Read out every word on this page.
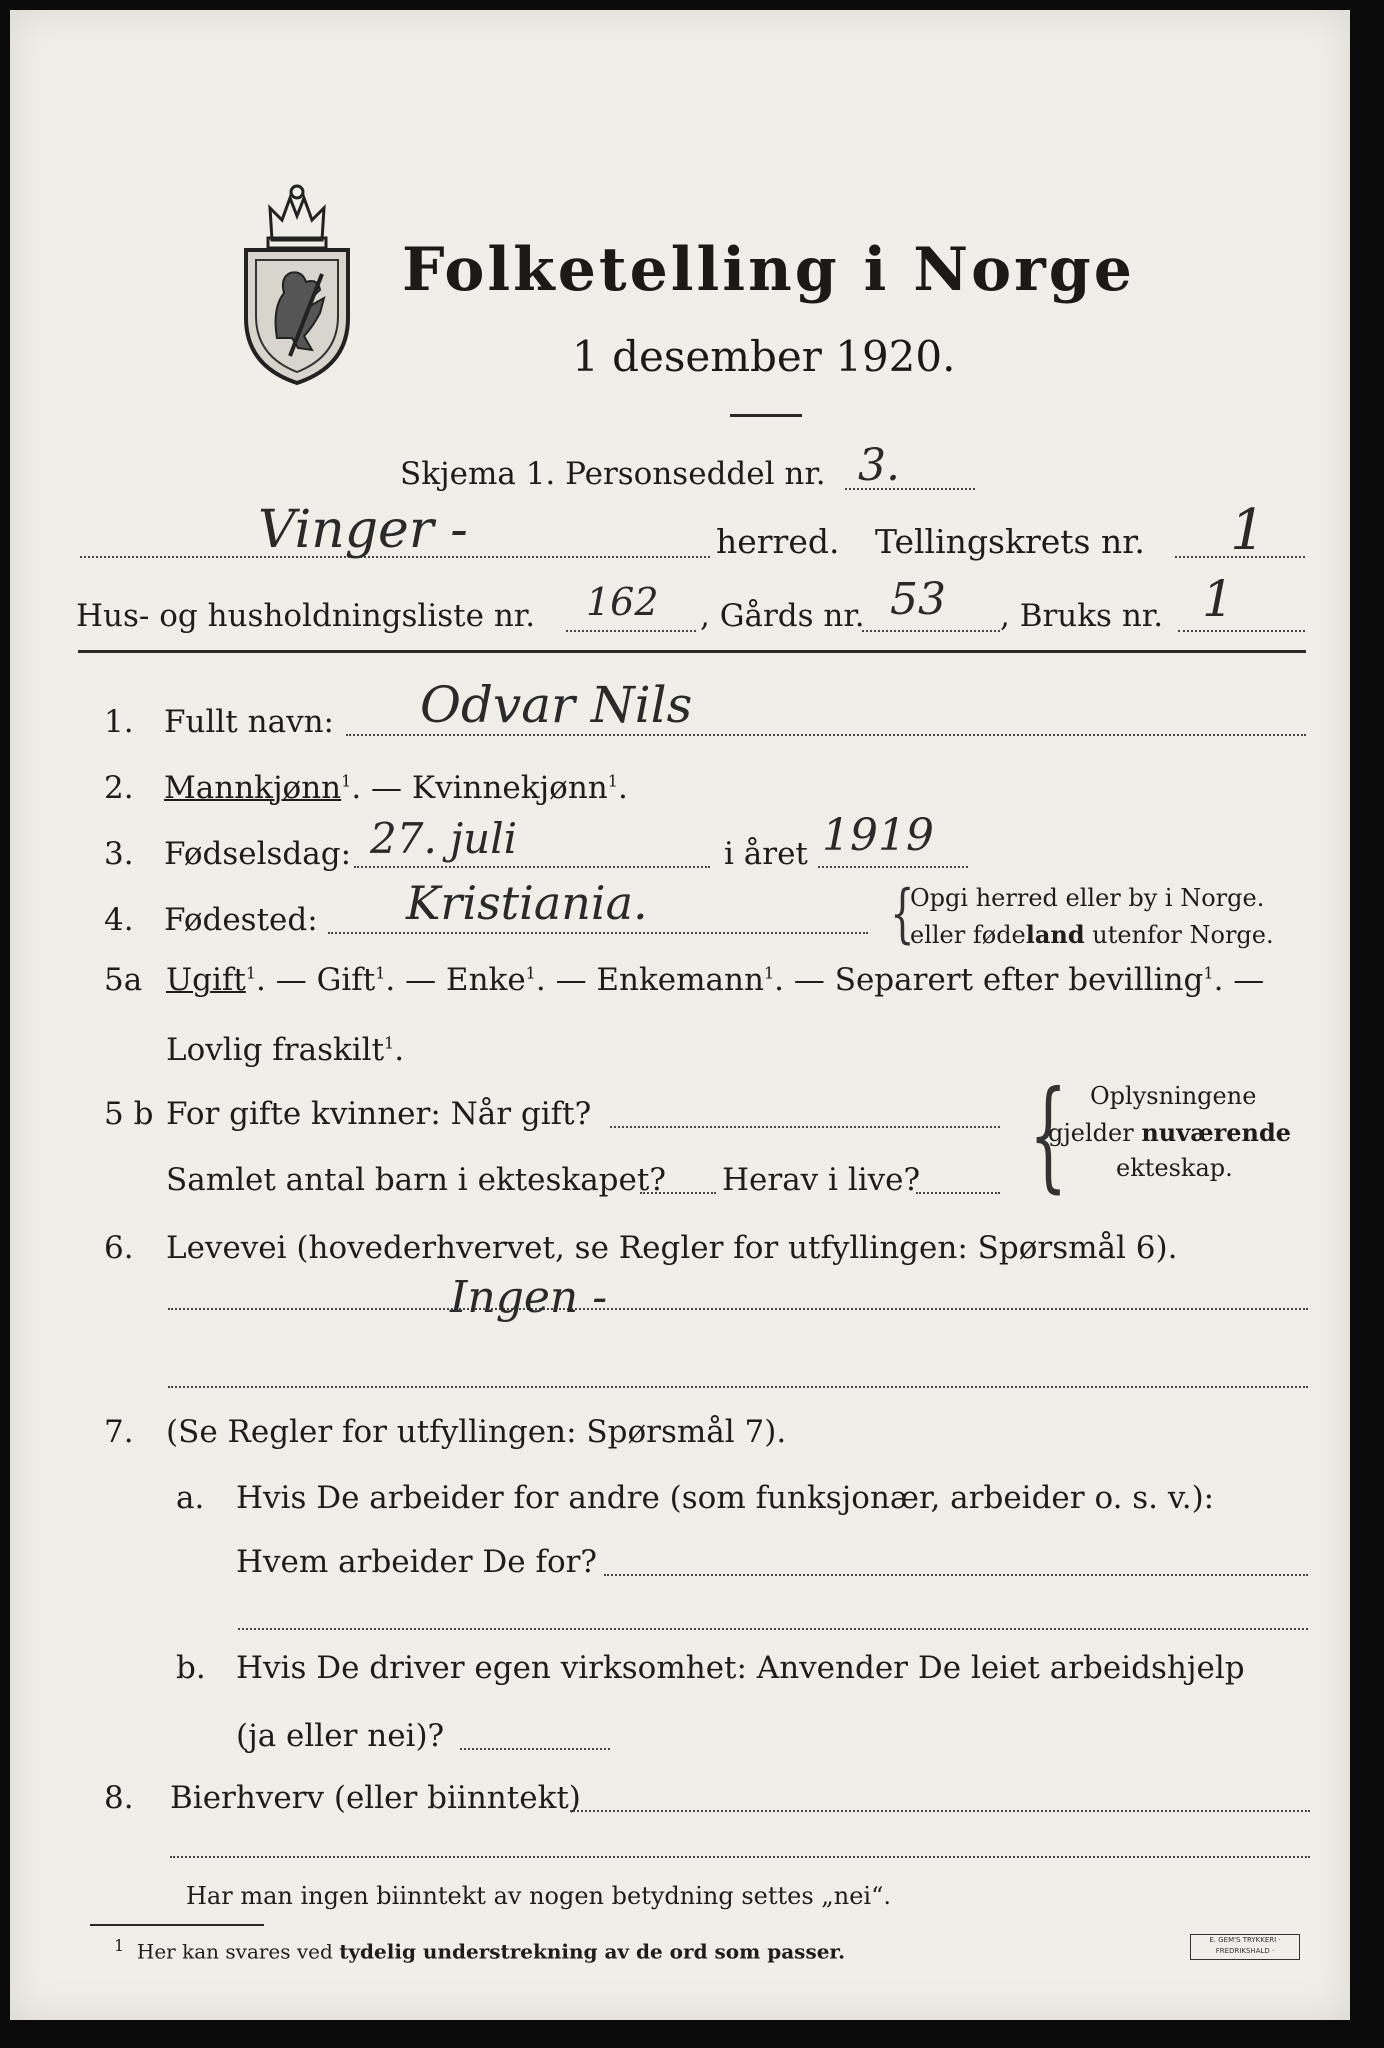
Folketelling i Norge
1 desember 1920.
Skjema 1. Personseddel nr. 3.
Vinger -	herred. Tellingskrets nr. 1
Hus- og husholdningsliste nr. 162 , Gårds nr. 53 , Bruks nr. 1
1. Fullt navn: Odvar Nils
2. Mannkjønn$^1$. — Kvinnekjønn$^1$.
3. Fødselsdag: 27. juli	i året 1919
4. Fødested: Kristiania.	{
Opgi herred eller by i Norge.
eller fødeland utenfor Norge.
5a Ugift$^1$. — Gift$^1$. — Enke$^1$. — Enkemann$^1$. — Separert efter bevilling$^1$. —
Lovlig fraskilt$^1$.
5 b For gifte kvinner: Når gift?
Samlet antal barn i ekteskapet? Herav i live? { Oplysningene
gjelder nuværende
ekteskap.
6. Levevei (hovederhvervet, se Regler for utfyllingen: Spørsmål 6).
Ingen -
7. (Se Regler for utfyllingen: Spørsmål 7).
a. Hvis De arbeider for andre (som funksjonær, arbeider o. s. v.):
Hvem arbeider De for?
b. Hvis De driver egen virksomhet: Anvender De leiet arbeidshjelp
(ja eller nei)?
8. Bierhverv (eller biinntekt)
Har man ingen biinntekt av nogen betydning settes „nei“.
$^1$ Her kan svares ved tydelig understrekning av de ord som passer.	E. GEM'S TRYKKERI · FREDRIKSHALD ·
